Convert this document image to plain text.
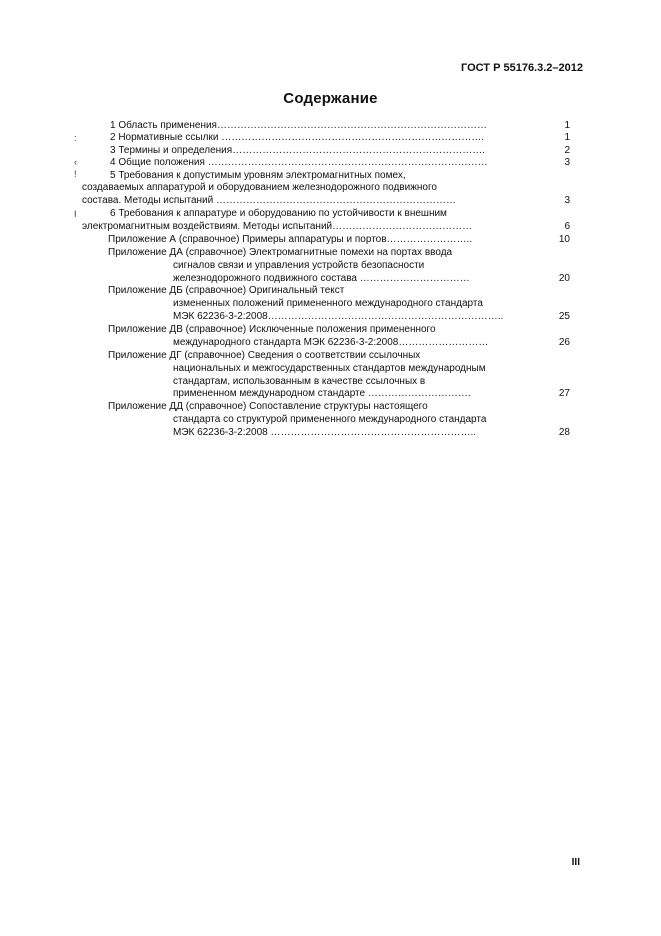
ГОСТ Р 55176.3.2–2012
Содержание
:
‹
!
I
1 Область применения………………………………………………………………………	1
2 Нормативные ссылки …………………………………………………………………….	1
3 Термины и определения………………………………………………………………….	2
4 Общие положения …………………………………………………………………………	3
5 Требования к допустимым уровням электромагнитных помех,
создаваемых аппаратурой и оборудованием железнодорожного подвижного
состава. Методы испытаний ………………………………………………………………	3
6 Требования к аппаратуре и оборудованию по устойчивости к внешним
электромагнитным воздействиям. Методы испытаний……………………………………	6
Приложение А (справочное) Примеры аппаратуры и портов……………………..	10
Приложение ДА (справочное) Электромагнитные помехи на портах ввода
сигналов связи и управления устройств безопасности
железнодорожного подвижного состава ……………………………	20
Приложение ДБ (справочное) Оригинальный текст
измененных положений примененного международного стандарта
МЭК 62236-3-2:2008……………………………………………………………..	25
Приложение ДВ (справочное) Исключенные положения примененного
международного стандарта МЭК 62236-3-2:2008………………………	26
Приложение ДГ (справочное) Сведения о соответствии ссылочных
национальных и межгосударственных стандартов международным
стандартам, использованным в качестве ссылочных в
примененном международном стандарте ………………………….	27
Приложение ДД (справочное) Сопоставление структуры настоящего
стандарта со структурой примененного международного стандарта
МЭК 62236-3-2:2008 ……………………………………………………..	28
III
